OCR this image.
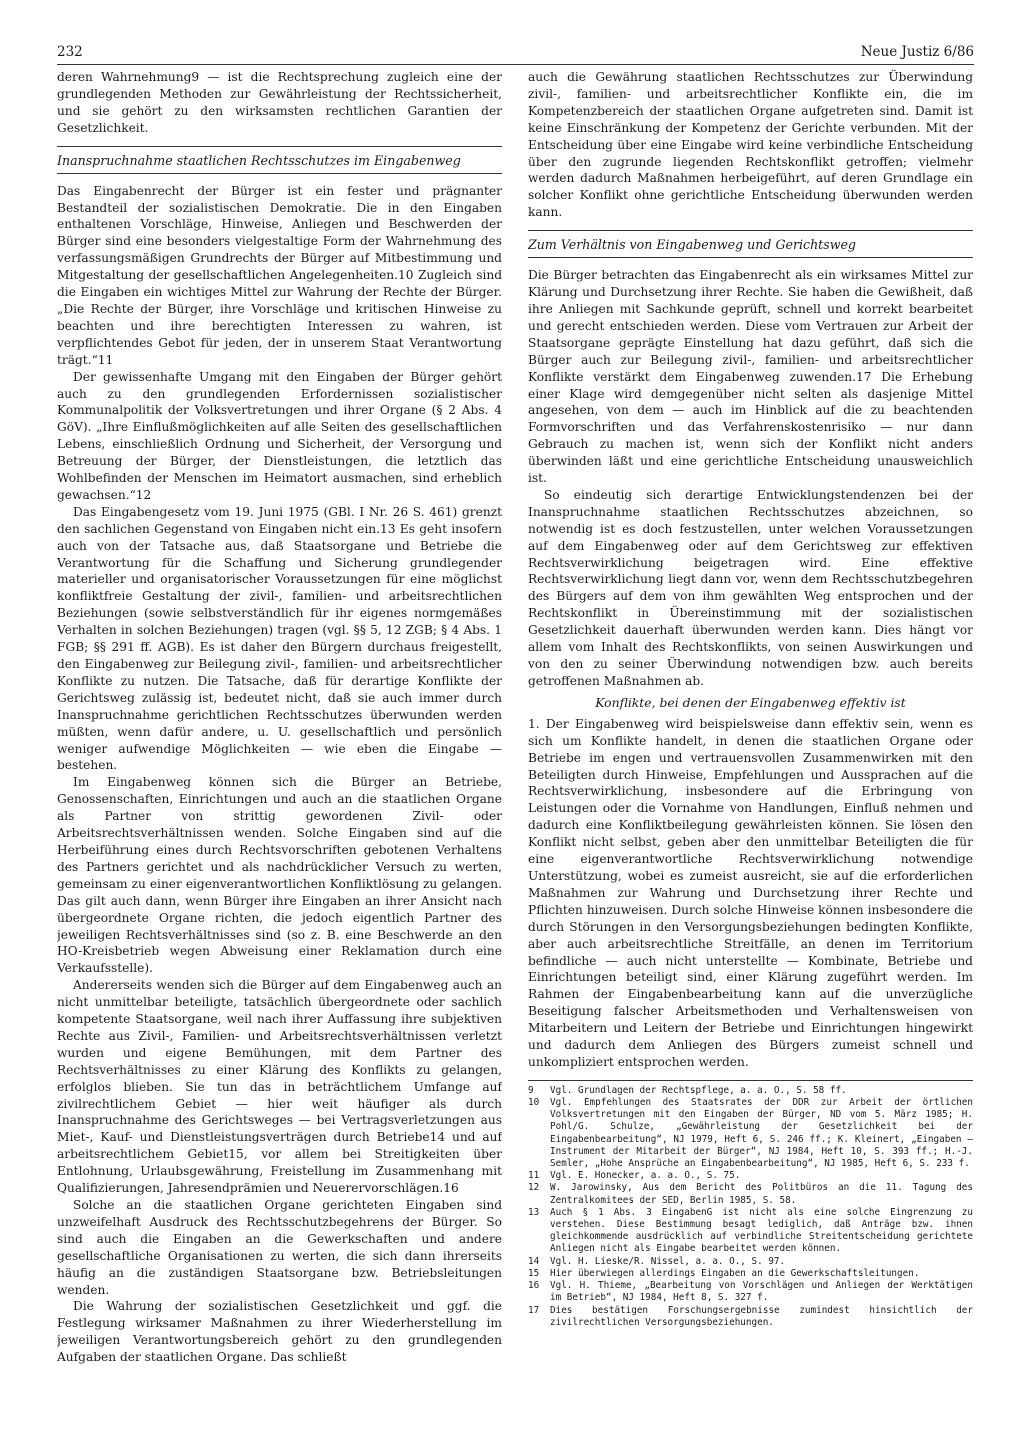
232	Neue Justiz 6/86

deren Wahrnehmung9 — ist die Rechtsprechung zugleich eine der grundlegenden Methoden zur Gewährleistung der Rechtssicherheit, und sie gehört zu den wirksamsten rechtlichen Garantien der Gesetzlichkeit.

Inanspruchnahme staatlichen Rechtsschutzes im Eingabenweg

Das Eingabenrecht der Bürger ist ein fester und prägnanter Bestandteil der sozialistischen Demokratie. Die in den Eingaben enthaltenen Vorschläge, Hinweise, Anliegen und Beschwerden der Bürger sind eine besonders vielgestaltige Form der Wahrnehmung des verfassungsmäßigen Grundrechts der Bürger auf Mitbestimmung und Mitgestaltung der gesellschaftlichen Angelegenheiten.10 Zugleich sind die Eingaben ein wichtiges Mittel zur Wahrung der Rechte der Bürger. „Die Rechte der Bürger, ihre Vorschläge und kritischen Hinweise zu beachten und ihre berechtigten Interessen zu wahren, ist verpflichtendes Gebot für jeden, der in unserem Staat Verantwortung trägt.“11

Der gewissenhafte Umgang mit den Eingaben der Bürger gehört auch zu den grundlegenden Erfordernissen sozialistischer Kommunalpolitik der Volksvertretungen und ihrer Organe (§ 2 Abs. 4 GöV). „Ihre Einflußmöglichkeiten auf alle Seiten des gesellschaftlichen Lebens, einschließlich Ordnung und Sicherheit, der Versorgung und Betreuung der Bürger, der Dienstleistungen, die letztlich das Wohlbefinden der Menschen im Heimatort ausmachen, sind erheblich gewachsen.“12

Das Eingabengesetz vom 19. Juni 1975 (GBl. I Nr. 26 S. 461) grenzt den sachlichen Gegenstand von Eingaben nicht ein.13 Es geht insofern auch von der Tatsache aus, daß Staatsorgane und Betriebe die Verantwortung für die Schaffung und Sicherung grundlegender materieller und organisatorischer Voraussetzungen für eine möglichst konfliktfreie Gestaltung der zivil-, familien- und arbeitsrechtlichen Beziehungen (sowie selbstverständlich für ihr eigenes normgemäßes Verhalten in solchen Beziehungen) tragen (vgl. §§ 5, 12 ZGB; § 4 Abs. 1 FGB; §§ 291 ff. AGB). Es ist daher den Bürgern durchaus freigestellt, den Eingabenweg zur Beilegung zivil-, familien- und arbeitsrechtlicher Konflikte zu nutzen. Die Tatsache, daß für derartige Konflikte der Gerichtsweg zulässig ist, bedeutet nicht, daß sie auch immer durch Inanspruchnahme gerichtlichen Rechtsschutzes überwunden werden müßten, wenn dafür andere, u. U. gesellschaftlich und persönlich weniger aufwendige Möglichkeiten — wie eben die Eingabe — bestehen.

Im Eingabenweg können sich die Bürger an Betriebe, Genossenschaften, Einrichtungen und auch an die staatlichen Organe als Partner von strittig gewordenen Zivil- oder Arbeitsrechtsverhältnissen wenden. Solche Eingaben sind auf die Herbeiführung eines durch Rechtsvorschriften gebotenen Verhaltens des Partners gerichtet und als nachdrücklicher Versuch zu werten, gemeinsam zu einer eigenverantwortlichen Konfliktlösung zu gelangen. Das gilt auch dann, wenn Bürger ihre Eingaben an ihrer Ansicht nach übergeordnete Organe richten, die jedoch eigentlich Partner des jeweiligen Rechtsverhältnisses sind (so z. B. eine Beschwerde an den HO-Kreisbetrieb wegen Abweisung einer Reklamation durch eine Verkaufsstelle).

Andererseits wenden sich die Bürger auf dem Eingabenweg auch an nicht unmittelbar beteiligte, tatsächlich übergeordnete oder sachlich kompetente Staatsorgane, weil nach ihrer Auffassung ihre subjektiven Rechte aus Zivil-, Familien- und Arbeitsrechtsverhältnissen verletzt wurden und eigene Bemühungen, mit dem Partner des Rechtsverhältnisses zu einer Klärung des Konflikts zu gelangen, erfolglos blieben. Sie tun das in beträchtlichem Umfange auf zivilrechtlichem Gebiet — hier weit häufiger als durch Inanspruchnahme des Gerichtsweges — bei Vertragsverletzungen aus Miet-, Kauf- und Dienstleistungsverträgen durch Betriebe14 und auf arbeitsrechtlichem Gebiet15, vor allem bei Streitigkeiten über Entlohnung, Urlaubsgewährung, Freistellung im Zusammenhang mit Qualifizierungen, Jahresendprämien und Neuerervorschlägen.16

Solche an die staatlichen Organe gerichteten Eingaben sind unzweifelhaft Ausdruck des Rechtsschutzbegehrens der Bürger. So sind auch die Eingaben an die Gewerkschaften und andere gesellschaftliche Organisationen zu werten, die sich dann ihrerseits häufig an die zuständigen Staatsorgane bzw. Betriebsleitungen wenden.

Die Wahrung der sozialistischen Gesetzlichkeit und ggf. die Festlegung wirksamer Maßnahmen zu ihrer Wiederherstellung im jeweiligen Verantwortungsbereich gehört zu den grundlegenden Aufgaben der staatlichen Organe. Das schließt

auch die Gewährung staatlichen Rechtsschutzes zur Überwindung zivil-, familien- und arbeitsrechtlicher Konflikte ein, die im Kompetenzbereich der staatlichen Organe aufgetreten sind. Damit ist keine Einschränkung der Kompetenz der Gerichte verbunden. Mit der Entscheidung über eine Eingabe wird keine verbindliche Entscheidung über den zugrunde liegenden Rechtskonflikt getroffen; vielmehr werden dadurch Maßnahmen herbeigeführt, auf deren Grundlage ein solcher Konflikt ohne gerichtliche Entscheidung überwunden werden kann.

Zum Verhältnis von Eingabenweg und Gerichtsweg

Die Bürger betrachten das Eingabenrecht als ein wirksames Mittel zur Klärung und Durchsetzung ihrer Rechte. Sie haben die Gewißheit, daß ihre Anliegen mit Sachkunde geprüft, schnell und korrekt bearbeitet und gerecht entschieden werden. Diese vom Vertrauen zur Arbeit der Staatsorgane geprägte Einstellung hat dazu geführt, daß sich die Bürger auch zur Beilegung zivil-, familien- und arbeitsrechtlicher Konflikte verstärkt dem Eingabenweg zuwenden.17 Die Erhebung einer Klage wird demgegenüber nicht selten als dasjenige Mittel angesehen, von dem — auch im Hinblick auf die zu beachtenden Formvorschriften und das Verfahrenskostenrisiko — nur dann Gebrauch zu machen ist, wenn sich der Konflikt nicht anders überwinden läßt und eine gerichtliche Entscheidung unausweichlich ist.

So eindeutig sich derartige Entwicklungstendenzen bei der Inanspruchnahme staatlichen Rechtsschutzes abzeichnen, so notwendig ist es doch festzustellen, unter welchen Voraussetzungen auf dem Eingabenweg oder auf dem Gerichtsweg zur effektiven Rechtsverwirklichung beigetragen wird. Eine effektive Rechtsverwirklichung liegt dann vor, wenn dem Rechtsschutzbegehren des Bürgers auf dem von ihm gewählten Weg entsprochen und der Rechtskonflikt in Übereinstimmung mit der sozialistischen Gesetzlichkeit dauerhaft überwunden werden kann. Dies hängt vor allem vom Inhalt des Rechtskonflikts, von seinen Auswirkungen und von den zu seiner Überwindung notwendigen bzw. auch bereits getroffenen Maßnahmen ab.

Konflikte, bei denen der Eingabenweg effektiv ist

1. Der Eingabenweg wird beispielsweise dann effektiv sein, wenn es sich um Konflikte handelt, in denen die staatlichen Organe oder Betriebe im engen und vertrauensvollen Zusammenwirken mit den Beteiligten durch Hinweise, Empfehlungen und Aussprachen auf die Rechtsverwirklichung, insbesondere auf die Erbringung von Leistungen oder die Vornahme von Handlungen, Einfluß nehmen und dadurch eine Konfliktbeilegung gewährleisten können. Sie lösen den Konflikt nicht selbst, geben aber den unmittelbar Beteiligten die für eine eigenverantwortliche Rechtsverwirklichung notwendige Unterstützung, wobei es zumeist ausreicht, sie auf die erforderlichen Maßnahmen zur Wahrung und Durchsetzung ihrer Rechte und Pflichten hinzuweisen. Durch solche Hinweise können insbesondere die durch Störungen in den Versorgungsbeziehungen bedingten Konflikte, aber auch arbeitsrechtliche Streitfälle, an denen im Territorium befindliche — auch nicht unterstellte — Kombinate, Betriebe und Einrichtungen beteiligt sind, einer Klärung zugeführt werden. Im Rahmen der Eingabenbearbeitung kann auf die unverzügliche Beseitigung falscher Arbeitsmethoden und Verhaltensweisen von Mitarbeitern und Leitern der Betriebe und Einrichtungen hingewirkt und dadurch dem Anliegen des Bürgers zumeist schnell und unkompliziert entsprochen werden.

9	Vgl. Grundlagen der Rechtspflege, a. a. O., S. 58 ff.
10	Vgl. Empfehlungen des Staatsrates der DDR zur Arbeit der örtlichen Volksvertretungen mit den Eingaben der Bürger, ND vom 5. März 1985; H. Pohl/G. Schulze, „Gewährleistung der Gesetzlichkeit bei der Eingabenbearbeitung“, NJ 1979, Heft 6, S. 246 ff.; K. Kleinert, „Eingaben — Instrument der Mitarbeit der Bürger“, NJ 1984, Heft 10, S. 393 ff.; H.-J. Semler, „Hohe Ansprüche an Eingabenbearbeitung“, NJ 1985, Heft 6, S. 233 f.
11	Vgl. E. Honecker, a. a. O., S. 75.
12	W. Jarowinsky, Aus dem Bericht des Politbüros an die 11. Tagung des Zentralkomitees der SED, Berlin 1985, S. 58.
13	Auch § 1 Abs. 3 EingabenG ist nicht als eine solche Eingrenzung zu verstehen. Diese Bestimmung besagt lediglich, daß Anträge bzw. ihnen gleichkommende ausdrücklich auf verbindliche Streitentscheidung gerichtete Anliegen nicht als Eingabe bearbeitet werden können.
14	Vgl. H. Lieske/R. Nissel, a. a. O., S. 97.
15	Hier überwiegen allerdings Eingaben an die Gewerkschaftsleitungen.
16	Vgl. H. Thieme, „Bearbeitung von Vorschlägen und Anliegen der Werktätigen im Betrieb“, NJ 1984, Heft 8, S. 327 f.
17	Dies bestätigen Forschungsergebnisse zumindest hinsichtlich der zivilrechtlichen Versorgungsbeziehungen.
